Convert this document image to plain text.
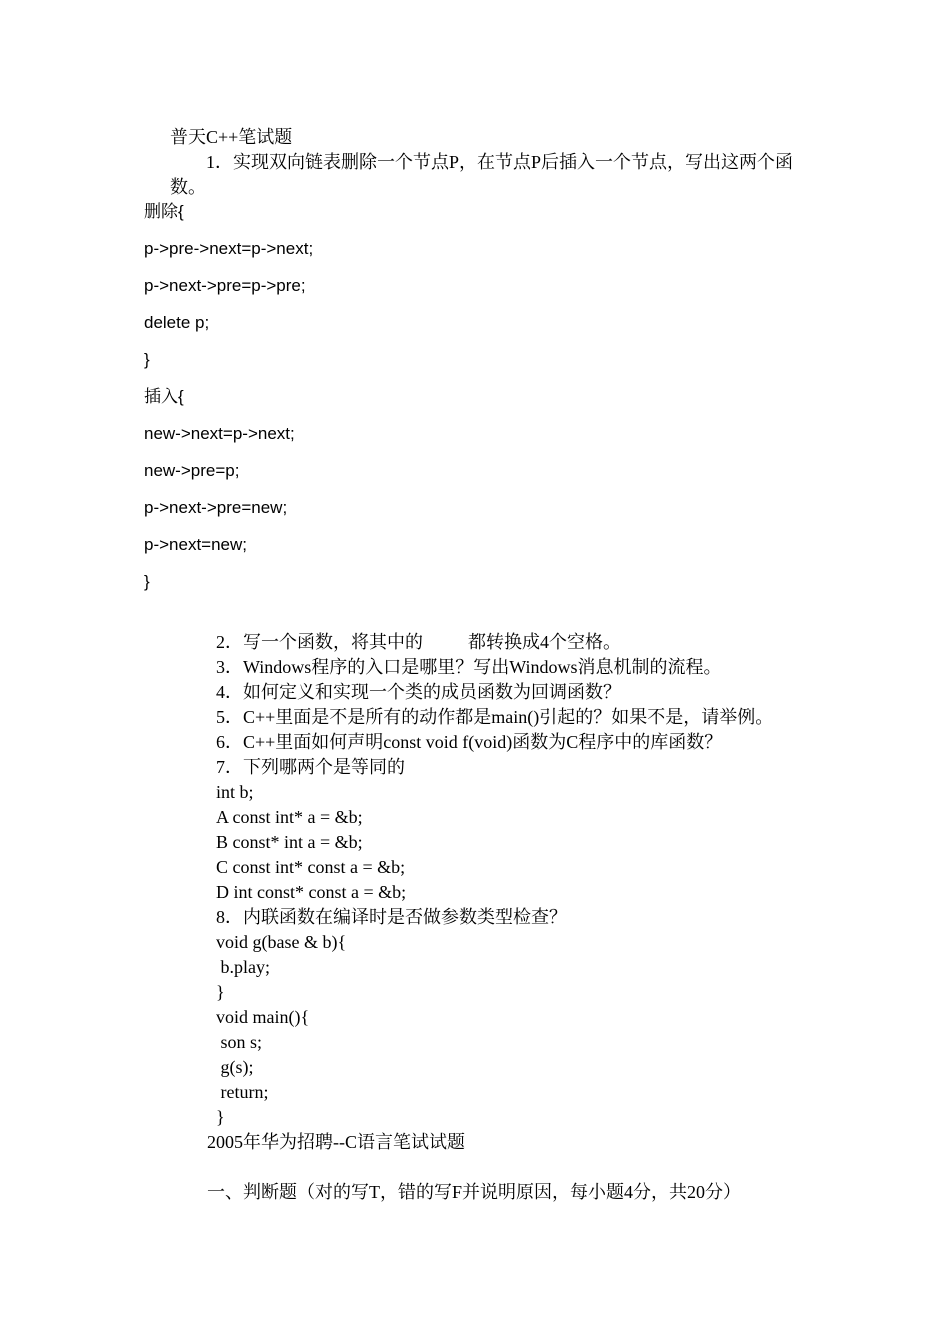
普天C++笔试题
1．实现双向链表删除一个节点P，在节点P后插入一个节点，写出这两个函
数。
删除{
p->pre->next=p->next;
p->next->pre=p->pre;
delete p;
}
插入{
new->next=p->next;
new->pre=p;
p->next->pre=new;
p->next=new;
}
2．写一个函数，将其中的          都转换成4个空格。
3．Windows程序的入口是哪里？写出Windows消息机制的流程。
4．如何定义和实现一个类的成员函数为回调函数？
5．C++里面是不是所有的动作都是main()引起的？如果不是，请举例。
6．C++里面如何声明const void f(void)函数为C程序中的库函数？
7．下列哪两个是等同的
int b;
A const int* a = &b;
B const* int a = &b;
C const int* const a = &b;
D int const* const a = &b;
8．内联函数在编译时是否做参数类型检查？
void g(base & b){
b.play;
}
void main(){
son s;
g(s);
return;
}
2005年华为招聘--C语言笔试试题
一、判断题（对的写T，错的写F并说明原因，每小题4分，共20分）
